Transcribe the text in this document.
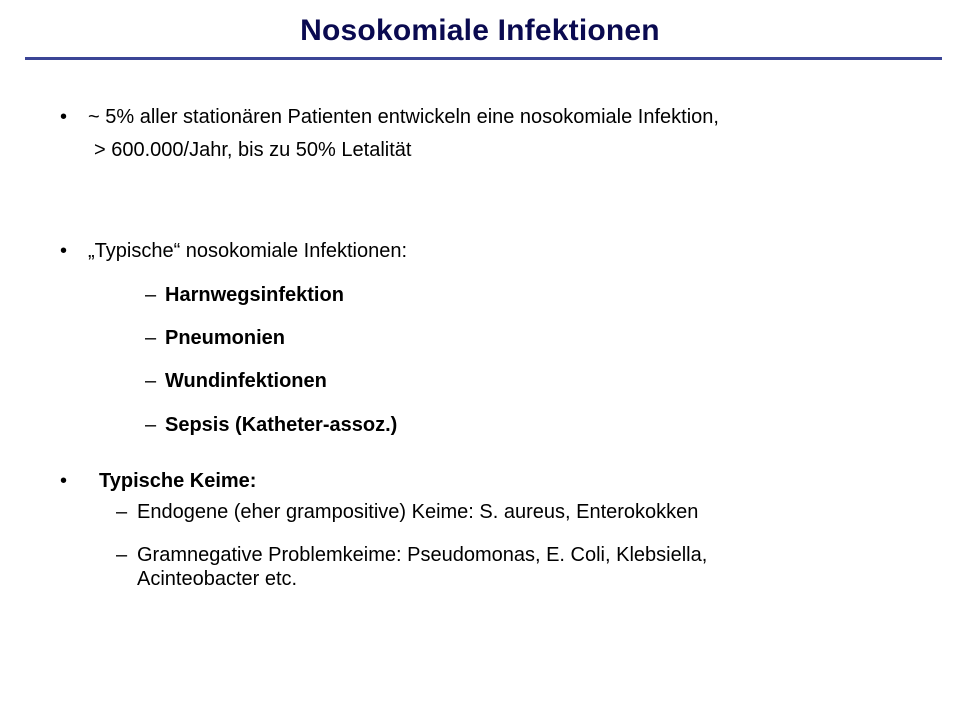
Nosokomiale Infektionen
• ~ 5% aller stationären Patienten entwickeln eine nosokomiale Infektion,
> 600.000/Jahr, bis zu 50% Letalität
• „Typische“ nosokomiale Infektionen:
– Harnwegsinfektion
– Pneumonien
– Wundinfektionen
– Sepsis (Katheter-assoz.)
• Typische Keime:
– Endogene (eher grampositive) Keime: S. aureus, Enterokokken
– Gramnegative Problemkeime: Pseudomonas, E. Coli, Klebsiella, Acinteobacter etc.
